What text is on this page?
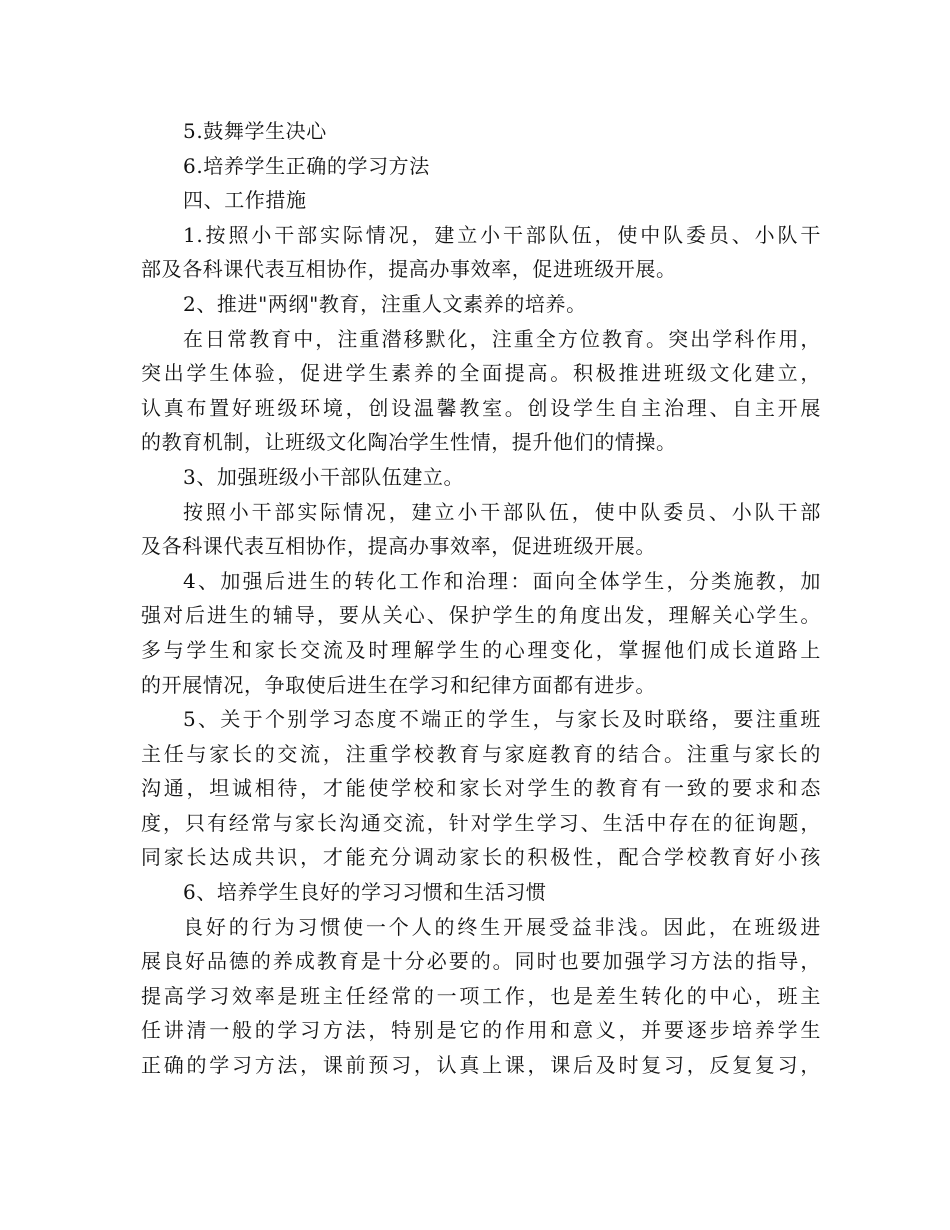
5.鼓舞学生决心
6.培养学生正确的学习方法
四、工作措施
1.按照小干部实际情况，建立小干部队伍，使中队委员、小队干
部及各科课代表互相协作，提高办事效率，促进班级开展。
2、推进"两纲"教育，注重人文素养的培养。
在日常教育中，注重潜移默化，注重全方位教育。突出学科作用，
突出学生体验，促进学生素养的全面提高。积极推进班级文化建立，
认真布置好班级环境，创设温馨教室。创设学生自主治理、自主开展
的教育机制，让班级文化陶冶学生性情，提升他们的情操。
3、加强班级小干部队伍建立。
按照小干部实际情况，建立小干部队伍，使中队委员、小队干部
及各科课代表互相协作，提高办事效率，促进班级开展。
4、加强后进生的转化工作和治理：面向全体学生，分类施教，加
强对后进生的辅导，要从关心、保护学生的角度出发，理解关心学生。
多与学生和家长交流及时理解学生的心理变化，掌握他们成长道路上
的开展情况，争取使后进生在学习和纪律方面都有进步。
5、关于个别学习态度不端正的学生，与家长及时联络，要注重班
主任与家长的交流，注重学校教育与家庭教育的结合。注重与家长的
沟通，坦诚相待，才能使学校和家长对学生的教育有一致的要求和态
度，只有经常与家长沟通交流，针对学生学习、生活中存在的征询题，
同家长达成共识，才能充分调动家长的积极性，配合学校教育好小孩
6、培养学生良好的学习习惯和生活习惯
良好的行为习惯使一个人的终生开展受益非浅。因此，在班级进
展良好品德的养成教育是十分必要的。同时也要加强学习方法的指导，
提高学习效率是班主任经常的一项工作，也是差生转化的中心，班主
任讲清一般的学习方法，特别是它的作用和意义，并要逐步培养学生
正确的学习方法，课前预习，认真上课，课后及时复习，反复复习，
